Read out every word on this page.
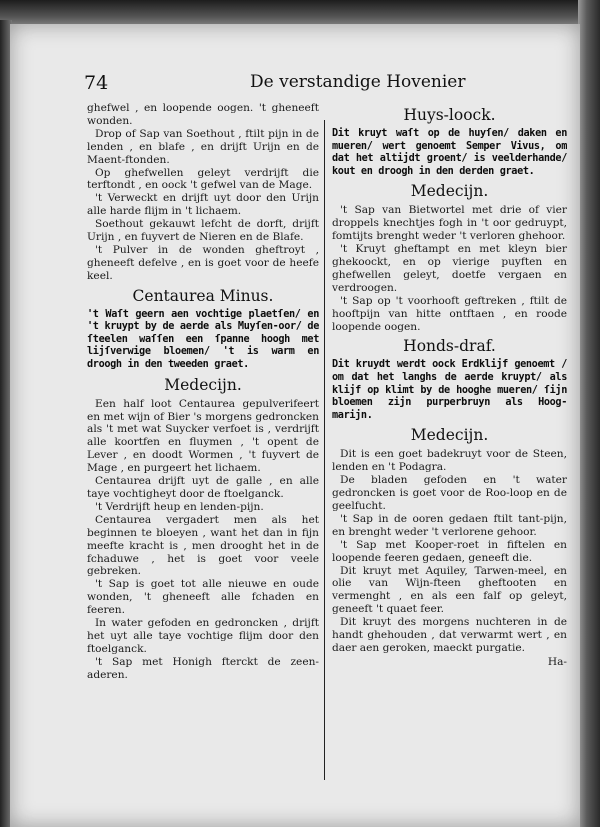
74	De verstandige Hovenier

ghefwel , en loopende oogen. 't gheneeft wonden.

Drop of Sap van Soethout , ftilt pijn in de lenden , en blafe , en drijft Urijn en de Maent-ftonden.

Op ghefwellen geleyt verdrijft die terftondt , en oock 't gefwel van de Mage.

't Verweckt en drijft uyt door den Urijn alle harde flijm in 't lichaem.

Soethout gekauwt lefcht de dorft, drijft Urijn , en fuyvert de Nieren en de Blafe.

't Pulver in de wonden gheftroyt , gheneeft defelve , en is goet voor de heefe keel.

Centaurea Minus.

't Waſt geern aen vochtige plaetſen/ en 't kruypt by de aerde als Muyſen-oor/ de ſteelen waſſen een ſpanne hoogh met lijſverwige bloemen/ 't is warm en droogh in den tweeden graet.

Medecijn.

Een half loot Centaurea gepulverifeert en met wijn of Bier 's morgens gedroncken als 't met wat Suycker verfoet is , verdrijft alle koortfen en fluymen , 't opent de Lever , en doodt Wormen , 't fuyvert de Mage , en purgeert het lichaem.

Centaurea drijft uyt de galle , en alle taye vochtigheyt door de ftoelganck.

't Verdrijft heup en lenden-pijn.

Centaurea vergadert men als het beginnen te bloeyen , want het dan in fijn meefte kracht is , men drooght het in de fchaduwe , het is goet voor veele gebreken.

't Sap is goet tot alle nieuwe en oude wonden, 't gheneeft alle fchaden en feeren.

In water gefoden en gedroncken , drijft het uyt alle taye vochtige flijm door den ftoelganck.

't Sap met Honigh fterckt de zeen-aderen.

Huys-loock.

Dit kruyt waſt op de huyſen/ daken en mueren/ wert genoemt Semper Vivus, om dat het altijdt groent/ is veelderhande/ kout en droogh in den derden graet.

Medecijn.

't Sap van Bietwortel met drie of vier droppels knechtjes fogh in 't oor gedruypt, fomtijts brenght weder 't verloren ghehoor.

't Kruyt gheftampt en met kleyn bier ghekoockt, en op vierige puyften en ghefwellen geleyt, doetfe vergaen en verdroogen.

't Sap op 't voorhooft geftreken , ftilt de hooftpijn van hitte ontftaen , en roode loopende oogen.

Honds-draf.

Dit kruydt werdt oock Erdklijf genoemt / om dat het langhs de aerde kruypt/ als klijf op klimt by de hooghe mueren/ ſijn bloemen zijn purperbruyn als Hoog-marijn.

Medecijn.

Dit is een goet badekruyt voor de Steen, lenden en 't Podagra.

De bladen gefoden en 't water gedroncken is goet voor de Roo-loop en de geelfucht.

't Sap in de ooren gedaen ftilt tant-pijn, en brenght weder 't verlorene gehoor.

't Sap met Kooper-roet in fiftelen en loopende feeren gedaen, geneeft die.

Dit kruyt met Aquiley, Tarwen-meel, en olie van Wijn-fteen gheftooten en vermenght , en als een falf op geleyt, geneeft 't quaet feer.

Dit kruyt des morgens nuchteren in de handt ghehouden , dat verwarmt wert , en daer aen geroken, maeckt purgatie.

Ha-
